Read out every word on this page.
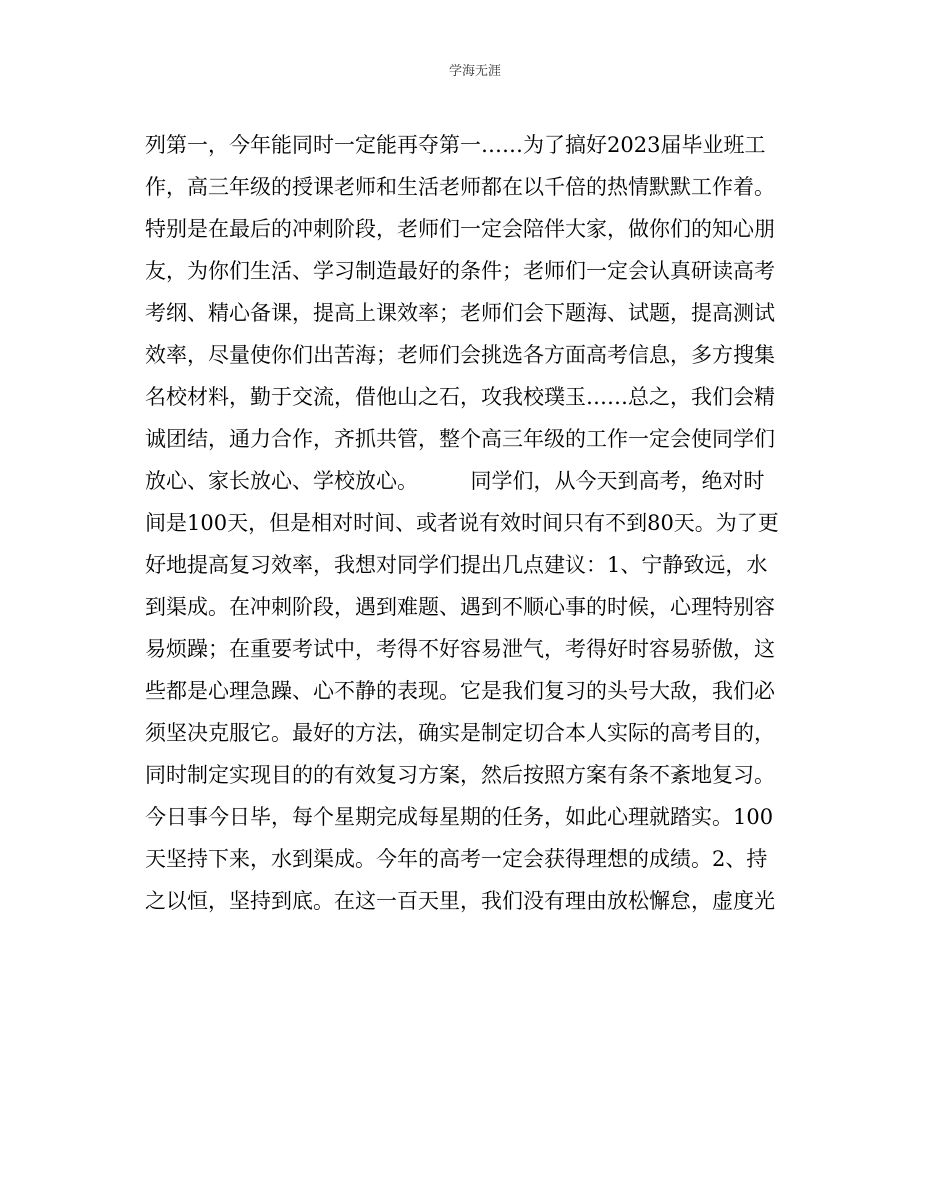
学海无涯
列第一，今年能同时一定能再夺第一……为了搞好2023届毕业班工
作，高三年级的授课老师和生活老师都在以千倍的热情默默工作着。
特别是在最后的冲刺阶段，老师们一定会陪伴大家，做你们的知心朋
友，为你们生活、学习制造最好的条件；老师们一定会认真研读高考
考纲、精心备课，提高上课效率；老师们会下题海、试题，提高测试
效率，尽量使你们出苦海；老师们会挑选各方面高考信息，多方搜集
名校材料，勤于交流，借他山之石，攻我校璞玉……总之，我们会精
诚团结，通力合作，齐抓共管，整个高三年级的工作一定会使同学们
放心、家长放心、学校放心。　　　同学们，从今天到高考，绝对时
间是100天，但是相对时间、或者说有效时间只有不到80天。为了更
好地提高复习效率，我想对同学们提出几点建议：1、宁静致远，水
到渠成。在冲刺阶段，遇到难题、遇到不顺心事的时候，心理特别容
易烦躁；在重要考试中，考得不好容易泄气，考得好时容易骄傲，这
些都是心理急躁、心不静的表现。它是我们复习的头号大敌，我们必
须坚决克服它。最好的方法，确实是制定切合本人实际的高考目的，
同时制定实现目的的有效复习方案，然后按照方案有条不紊地复习。
今日事今日毕，每个星期完成每星期的任务，如此心理就踏实。100
天坚持下来，水到渠成。今年的高考一定会获得理想的成绩。2、持
之以恒，坚持到底。在这一百天里，我们没有理由放松懈怠，虚度光
